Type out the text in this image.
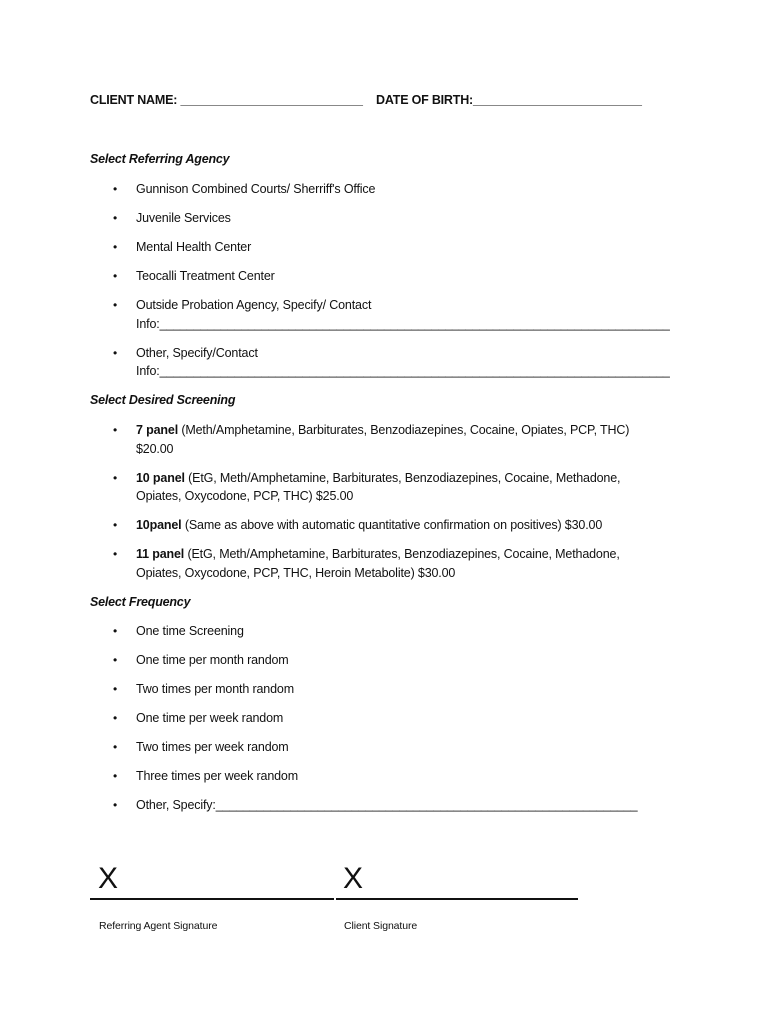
CLIENT NAME: ___________________________ DATE OF BIRTH:_________________________
Select Referring Agency
• Gunnison Combined Courts/ Sherriff's Office
• Juvenile Services
• Mental Health Center
• Teocalli Treatment Center
• Outside Probation Agency, Specify/ Contact
Info:___________________________________________________________________________
• Other, Specify/Contact
Info:___________________________________________________________________________
Select Desired Screening
• 7 panel (Meth/Amphetamine, Barbiturates, Benzodiazepines, Cocaine, Opiates, PCP, THC)
$20.00
• 10 panel (EtG, Meth/Amphetamine, Barbiturates, Benzodiazepines, Cocaine, Methadone,
Opiates, Oxycodone, PCP, THC) $25.00
• 10panel (Same as above with automatic quantitative confirmation on positives) $30.00
• 11 panel (EtG, Meth/Amphetamine, Barbiturates, Benzodiazepines, Cocaine, Methadone,
Opiates, Oxycodone, PCP, THC, Heroin Metabolite) $30.00
Select Frequency
• One time Screening
• One time per month random
• Two times per month random
• One time per week random
• Two times per week random
• Three times per week random
• Other, Specify:______________________________________________________________
X
Referring Agent Signature
X
Client Signature
